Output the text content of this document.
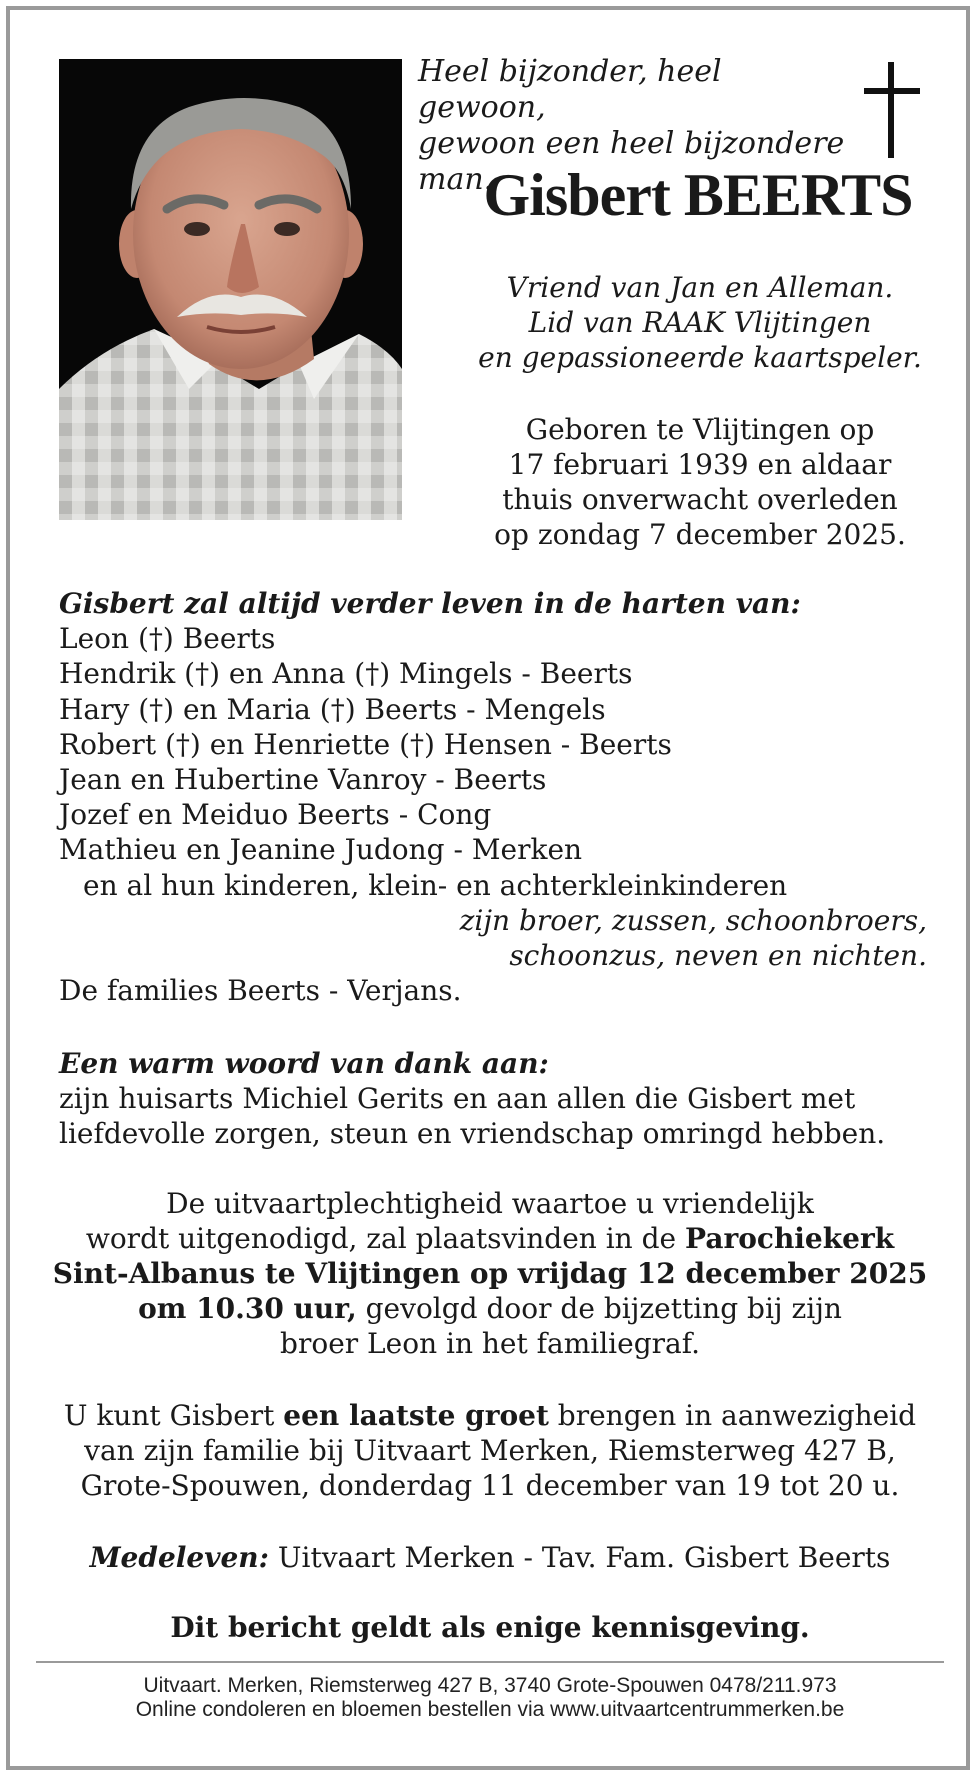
Heel bijzonder, heel gewoon,
gewoon een heel bijzondere man.
Gisbert BEERTS
Vriend van Jan en Alleman.
Lid van RAAK Vlijtingen
en gepassioneerde kaartspeler.
Geboren te Vlijtingen op
17 februari 1939 en aldaar
thuis onverwacht overleden
op zondag 7 december 2025.
Gisbert zal altijd verder leven in de harten van:
Leon (†) Beerts
Hendrik (†) en Anna (†) Mingels - Beerts
Hary (†) en Maria (†) Beerts - Mengels
Robert (†) en Henriette (†) Hensen - Beerts
Jean en Hubertine Vanroy - Beerts
Jozef en Meiduo Beerts - Cong
Mathieu en Jeanine Judong - Merken
en al hun kinderen, klein- en achterkleinkinderen
zijn broer, zussen, schoonbroers,
schoonzus, neven en nichten.
De families Beerts - Verjans.
Een warm woord van dank aan:
zijn huisarts Michiel Gerits en aan allen die Gisbert met
liefdevolle zorgen, steun en vriendschap omringd hebben.
De uitvaartplechtigheid waartoe u vriendelijk
wordt uitgenodigd, zal plaatsvinden in de Parochiekerk
Sint-Albanus te Vlijtingen op vrijdag 12 december 2025
om 10.30 uur, gevolgd door de bijzetting bij zijn
broer Leon in het familiegraf.
U kunt Gisbert een laatste groet brengen in aanwezigheid
van zijn familie bij Uitvaart Merken, Riemsterweg 427 B,
Grote-Spouwen, donderdag 11 december van 19 tot 20 u.
Medeleven: Uitvaart Merken - Tav. Fam. Gisbert Beerts
Dit bericht geldt als enige kennisgeving.
Uitvaart. Merken, Riemsterweg 427 B, 3740 Grote-Spouwen 0478/211.973
Online condoleren en bloemen bestellen via www.uitvaartcentrummerken.be
